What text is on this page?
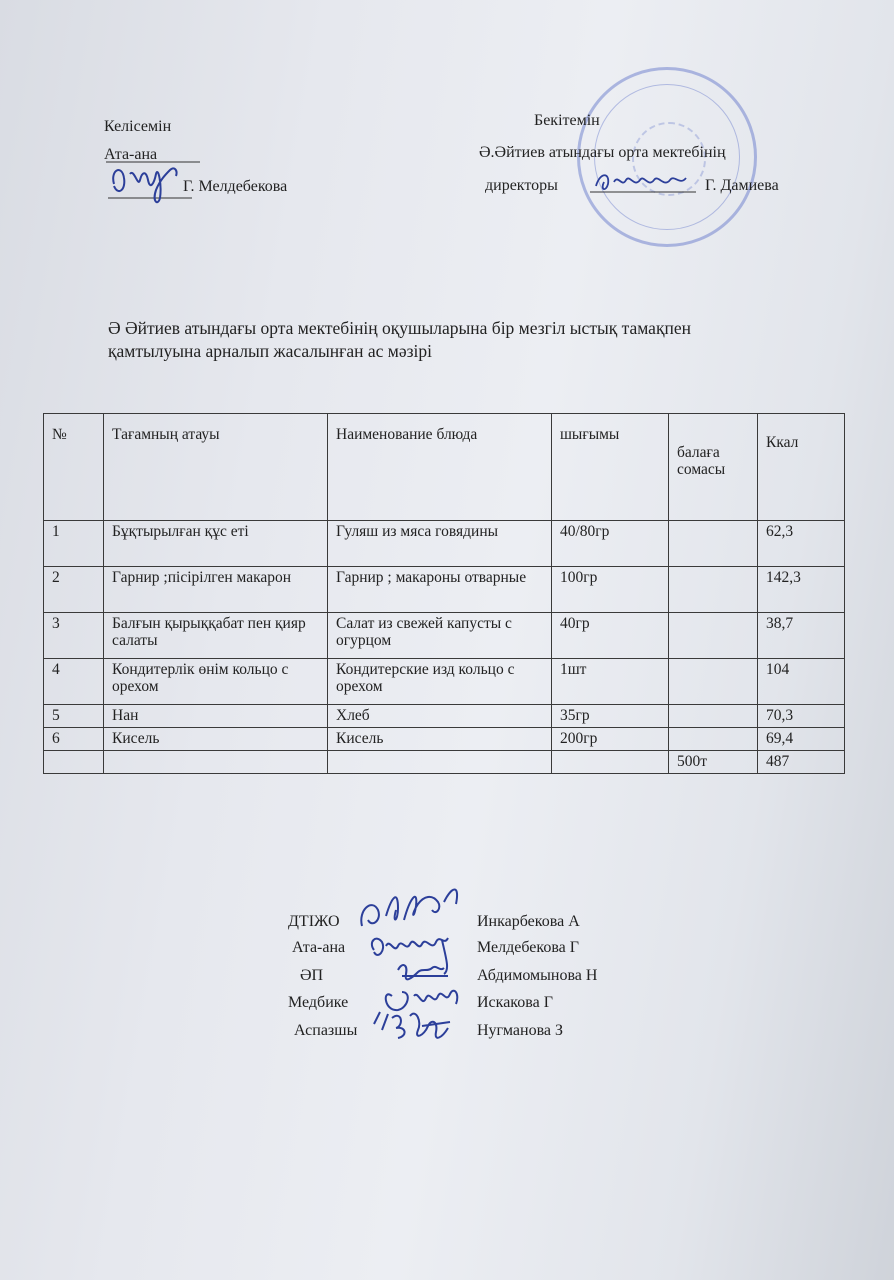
Келісемін
Ата-ана
Г. Мелдебекова
Бекітемін
Ә.Әйтиев атындағы орта мектебінің
директоры	Г. Дамиева
Ә Әйтиев атындағы орта мектебінің оқушыларына бір мезгіл ыстық тамақпен
қамтылуына арналып жасалынған ас мәзірі
№	Тағамның атауы	Наименование блюда	шығымы	балаға сомасы	Ккал
1	Бұқтырылған құс еті	Гуляш из мяса говядины	40/80гр		62,3
2	Гарнир ;пісірілген макарон	Гарнир ; макароны отварные	100гр		142,3
3	Балғын қырыққабат пен қияр салаты	Салат из свежей капусты с огурцом	40гр		38,7
4	Кондитерлік өнім кольцо с орехом	Кондитерские изд кольцо с орехом	1шт		104
5	Нан	Хлеб	35гр		70,3
6	Кисель	Кисель	200гр		69,4
				500т	487
ДТІЖО	Инкарбекова А
Ата-ана	Мелдебекова Г
ӘП	Абдимомынова Н
Медбике	Искакова Г
Аспазшы	Нугманова З
